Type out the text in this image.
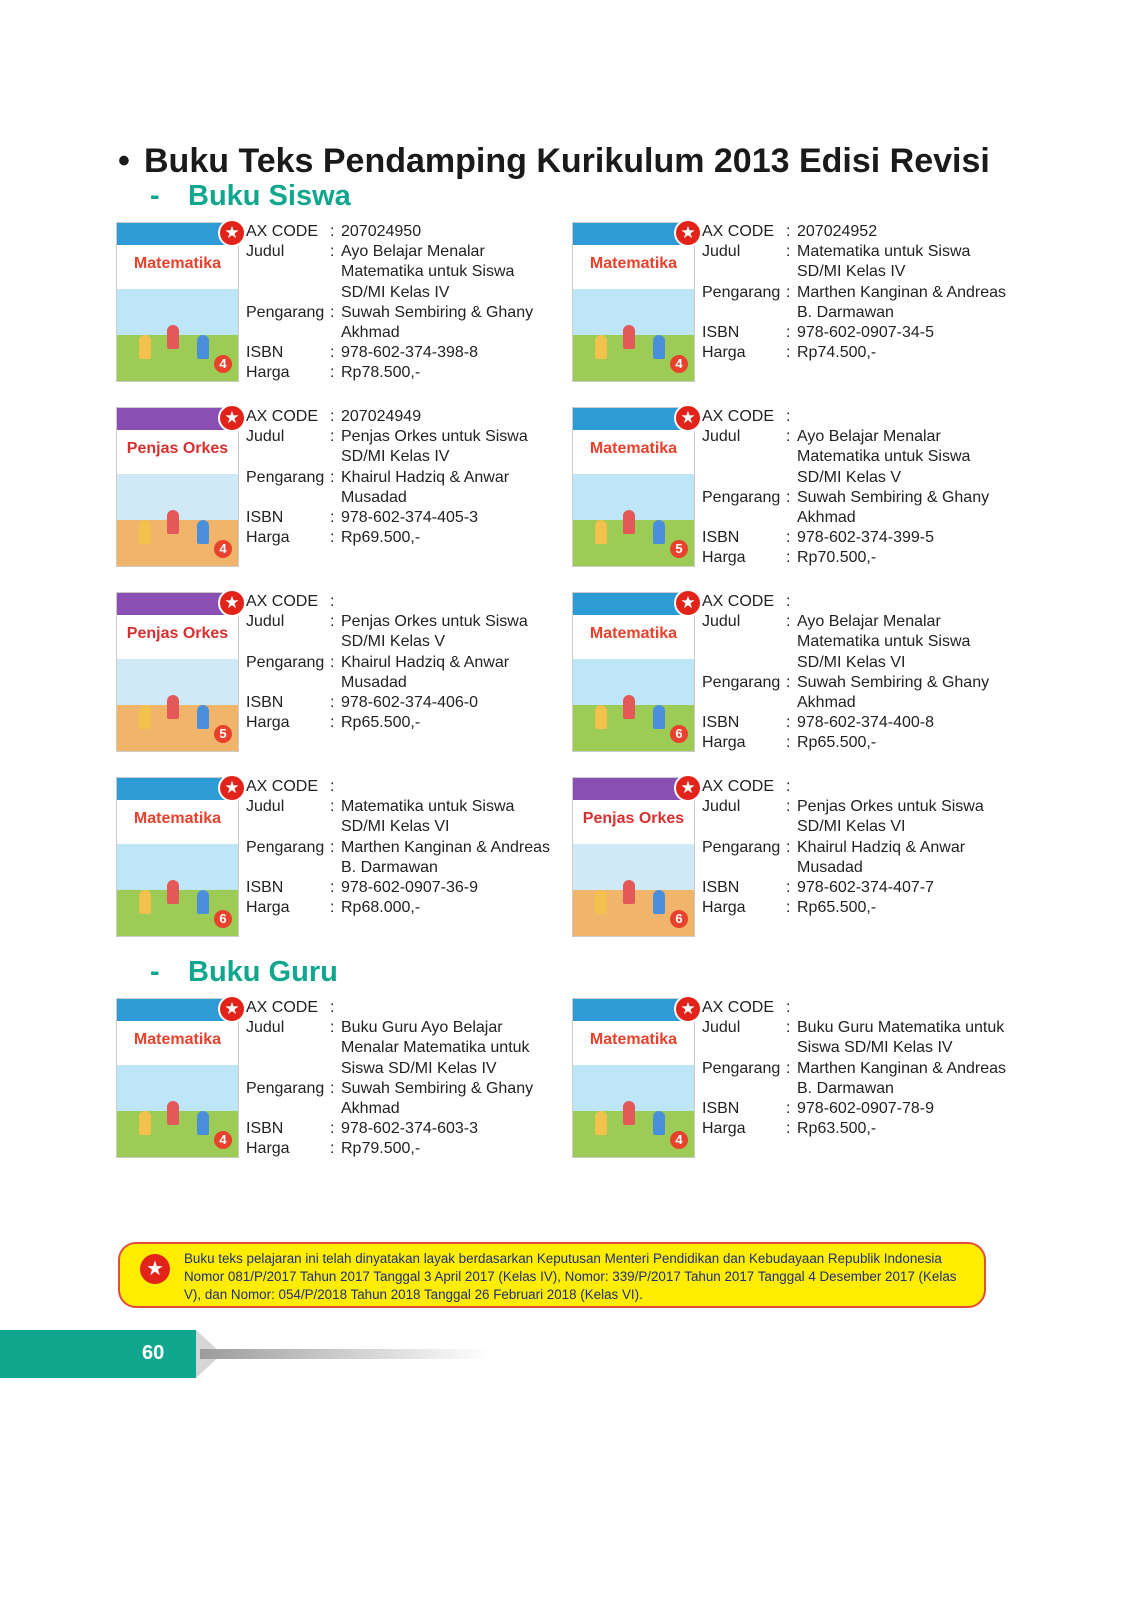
• Buku Teks Pendamping Kurikulum 2013 Edisi Revisi
- Buku Siswa
- Buku Guru
Matematika
4
★ AX CODE : 207024950
Judul	: Ayo Belajar Menalar Matematika untuk Siswa SD/MI Kelas IV
Pengarang : Suwah Sembiring & Ghany Akhmad
ISBN	: 978-602-374-398-8
Harga	: Rp78.500,-
Matematika
4
★ AX CODE : 207024952
Judul	: Matematika untuk Siswa SD/MI Kelas IV
Pengarang : Marthen Kanginan & Andreas B. Darmawan
ISBN	: 978-602-0907-34-5
Harga	: Rp74.500,-
Penjas Orkes
4
★ AX CODE : 207024949
Judul	: Penjas Orkes untuk Siswa SD/MI Kelas IV
Pengarang : Khairul Hadziq & Anwar Musadad
ISBN	: 978-602-374-405-3
Harga	: Rp69.500,-
Matematika
5
★ AX CODE :
Judul	: Ayo Belajar Menalar Matematika untuk Siswa SD/MI Kelas V
Pengarang : Suwah Sembiring & Ghany Akhmad
ISBN	: 978-602-374-399-5
Harga	: Rp70.500,-
Penjas Orkes
5
★ AX CODE :
Judul	: Penjas Orkes untuk Siswa SD/MI Kelas V
Pengarang : Khairul Hadziq & Anwar Musadad
ISBN	: 978-602-374-406-0
Harga	: Rp65.500,-
Matematika
6
★ AX CODE :
Judul	: Ayo Belajar Menalar Matematika untuk Siswa SD/MI Kelas VI
Pengarang : Suwah Sembiring & Ghany Akhmad
ISBN	: 978-602-374-400-8
Harga	: Rp65.500,-
Matematika
6
★ AX CODE :
Judul	: Matematika untuk Siswa SD/MI Kelas VI
Pengarang : Marthen Kanginan & Andreas B. Darmawan
ISBN	: 978-602-0907-36-9
Harga	: Rp68.000,-
Penjas Orkes
6
★ AX CODE :
Judul	: Penjas Orkes untuk Siswa SD/MI Kelas VI
Pengarang : Khairul Hadziq & Anwar Musadad
ISBN	: 978-602-374-407-7
Harga	: Rp65.500,-
Matematika
4
★ AX CODE :
Judul	: Buku Guru Ayo Belajar Menalar Matematika untuk Siswa SD/MI Kelas IV
Pengarang : Suwah Sembiring & Ghany Akhmad
ISBN	: 978-602-374-603-3
Harga	: Rp79.500,-
Matematika
4
★ AX CODE :
Judul	: Buku Guru Matematika untuk Siswa SD/MI Kelas IV
Pengarang : Marthen Kanginan & Andreas B. Darmawan
ISBN	: 978-602-0907-78-9
Harga	: Rp63.500,-
★	Buku teks pelajaran ini telah dinyatakan layak berdasarkan Keputusan Menteri Pendidikan dan Kebudayaan Republik Indonesia Nomor 081/P/2017 Tahun 2017 Tanggal 3 April 2017 (Kelas IV), Nomor: 339/P/2017 Tahun 2017 Tanggal 4 Desember 2017 (Kelas V), dan Nomor: 054/P/2018 Tahun 2018 Tanggal 26 Februari 2018 (Kelas VI).
60
